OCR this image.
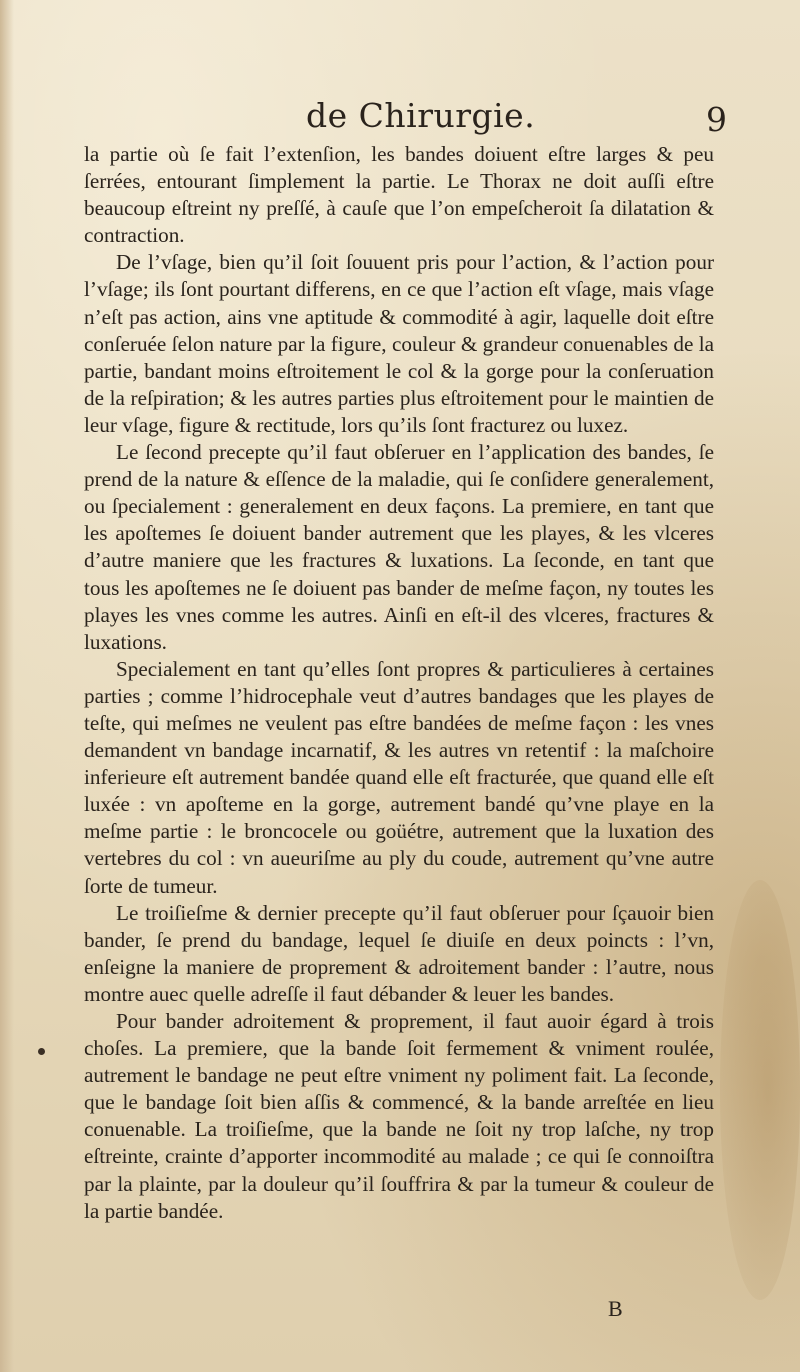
de Chirurgie.	9

la partie où ſe fait l’extenſion, les bandes doiuent eſtre larges & peu ſerrées, entourant ſimplement la partie. Le Thorax ne doit auſſi eſtre beaucoup eſtreint ny preſſé, à cauſe que l’on empeſcheroit ſa dilatation & contraction.

De l’vſage, bien qu’il ſoit ſouuent pris pour l’action, & l’action pour l’vſage; ils ſont pourtant differens, en ce que l’action eſt vſage, mais vſage n’eſt pas action, ains vne aptitude & commodité à agir, laquelle doit eſtre conſeruée ſelon nature par la figure, couleur & grandeur conuenables de la partie, bandant moins eſtroitement le col & la gorge pour la conſeruation de la reſpiration; & les autres parties plus eſtroitement pour le maintien de leur vſage, figure & rectitude, lors qu’ils ſont fracturez ou luxez.

Le ſecond precepte qu’il faut obſeruer en l’application des bandes, ſe prend de la nature & eſſence de la maladie, qui ſe conſidere generalement, ou ſpecialement : generalement en deux façons. La premiere, en tant que les apoſtemes ſe doiuent bander autrement que les playes, & les vlceres d’autre maniere que les fractures & luxations. La ſeconde, en tant que tous les apoſtemes ne ſe doiuent pas bander de meſme façon, ny toutes les playes les vnes comme les autres. Ainſi en eſt-il des vlceres, fractures & luxations.

Specialement en tant qu’elles ſont propres & particulieres à certaines parties ; comme l’hidrocephale veut d’autres bandages que les playes de teſte, qui meſmes ne veulent pas eſtre bandées de meſme façon : les vnes demandent vn bandage incarnatif, & les autres vn retentif : la maſchoire inferieure eſt autrement bandée quand elle eſt fracturée, que quand elle eſt luxée : vn apoſteme en la gorge, autrement bandé qu’vne playe en la meſme partie : le broncocele ou goüétre, autrement que la luxation des vertebres du col : vn aueuriſme au ply du coude, autrement qu’vne autre ſorte de tumeur.

Le troiſieſme & dernier precepte qu’il faut obſeruer pour ſçauoir bien bander, ſe prend du bandage, lequel ſe diuiſe en deux poincts : l’vn, enſeigne la maniere de proprement & adroitement bander : l’autre, nous montre auec quelle adreſſe il faut débander & leuer les bandes.

Pour bander adroitement & proprement, il faut auoir égard à trois choſes. La premiere, que la bande ſoit fermement & vniment roulée, autrement le bandage ne peut eſtre vniment ny poliment fait. La ſeconde, que le bandage ſoit bien aſſis & commencé, & la bande arreſtée en lieu conuenable. La troiſieſme, que la bande ne ſoit ny trop laſche, ny trop eſtreinte, crainte d’apporter incommodité au malade ; ce qui ſe connoiſtra par la plainte, par la douleur qu’il ſouffrira & par la tumeur & couleur de la partie bandée.

B
